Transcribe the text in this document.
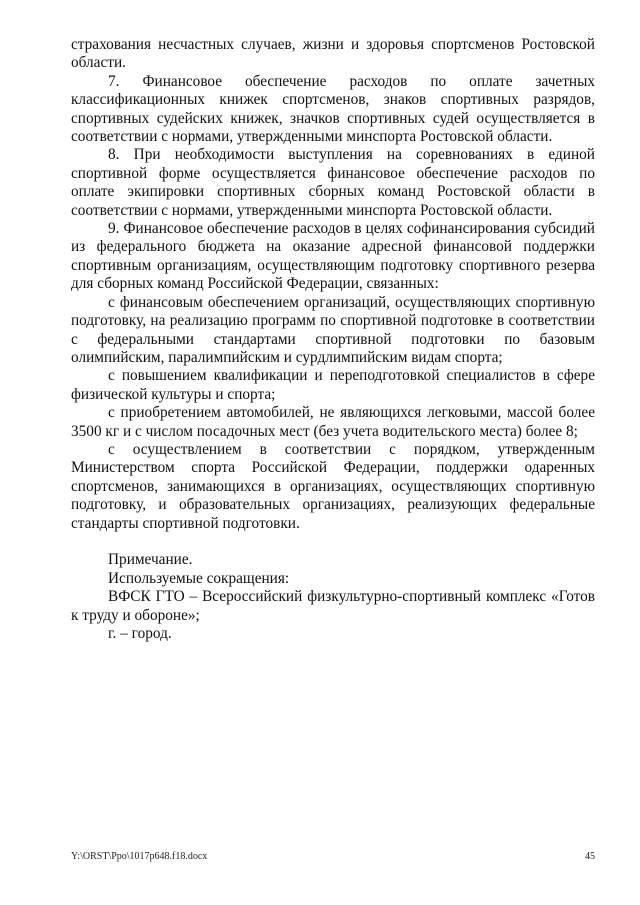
страхования несчастных случаев, жизни и здоровья спортсменов Ростовской области.

7. Финансовое обеспечение расходов по оплате зачетных классификационных книжек спортсменов, знаков спортивных разрядов, спортивных судейских книжек, значков спортивных судей осуществляется в соответствии с нормами, утвержденными минспорта Ростовской области.

8. При необходимости выступления на соревнованиях в единой спортивной форме осуществляется финансовое обеспечение расходов по оплате экипировки спортивных сборных команд Ростовской области в соответствии с нормами, утвержденными минспорта Ростовской области.

9. Финансовое обеспечение расходов в целях софинансирования субсидий из федерального бюджета на оказание адресной финансовой поддержки спортивным организациям, осуществляющим подготовку спортивного резерва для сборных команд Российской Федерации, связанных:

с финансовым обеспечением организаций, осуществляющих спортивную подготовку, на реализацию программ по спортивной подготовке в соответствии с федеральными стандартами спортивной подготовки по базовым олимпийским, паралимпийским и сурдлимпийским видам спорта;

с повышением квалификации и переподготовкой специалистов в сфере физической культуры и спорта;

с приобретением автомобилей, не являющихся легковыми, массой более 3500 кг и с числом посадочных мест (без учета водительского места) более 8;

с осуществлением в соответствии с порядком, утвержденным Министерством спорта Российской Федерации, поддержки одаренных спортсменов, занимающихся в организациях, осуществляющих спортивную подготовку, и образовательных организациях, реализующих федеральные стандарты спортивной подготовки.

Примечание.

Используемые сокращения:

ВФСК ГТО – Всероссийский физкультурно-спортивный комплекс «Готов к труду и обороне»;

г. – город.

Y:\ORST\Ppo\1017p648.f18.docx	45
